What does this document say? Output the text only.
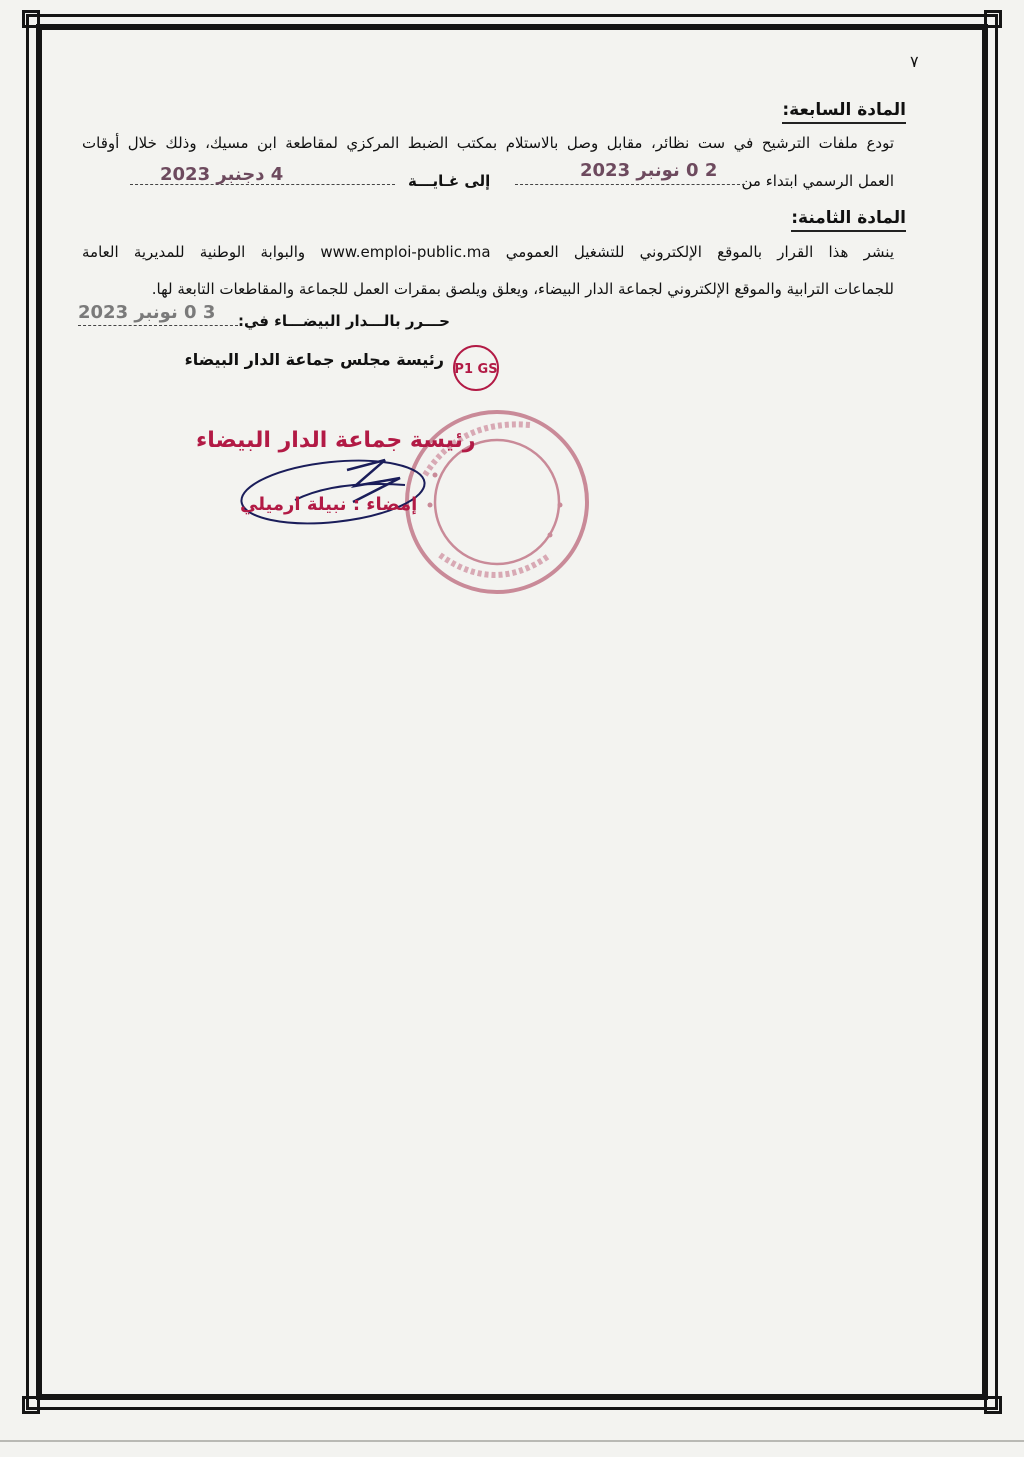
٧
المادة السابعة:
تودع ملفات الترشيح في ست نظائر، مقابل وصل بالاستلام بمكتب الضبط المركزي لمقاطعة ابن مسيك، وذلك خلال أوقات
العمل الرسمي ابتداء من
2 0 نونبر 2023
إلى غـايـــة
4 دجنبر 2023
المادة الثامنة:
ينشر هذا القرار بالموقع الإلكتروني للتشغيل العمومي www.emploi-public.ma والبوابة الوطنية للمديرية العامة
للجماعات الترابية والموقع الإلكتروني لجماعة الدار البيضاء، ويعلق ويلصق بمقرات العمل للجماعة والمقاطعات التابعة لها.
حـــرر بالـــدار البيضـــاء في:
3 0 نونبر 2023
رئيسة مجلس جماعة الدار البيضاء
P1 GS
رئيسة جماعة الدار البيضاء
إمضاء : نبيلة ارميلي
